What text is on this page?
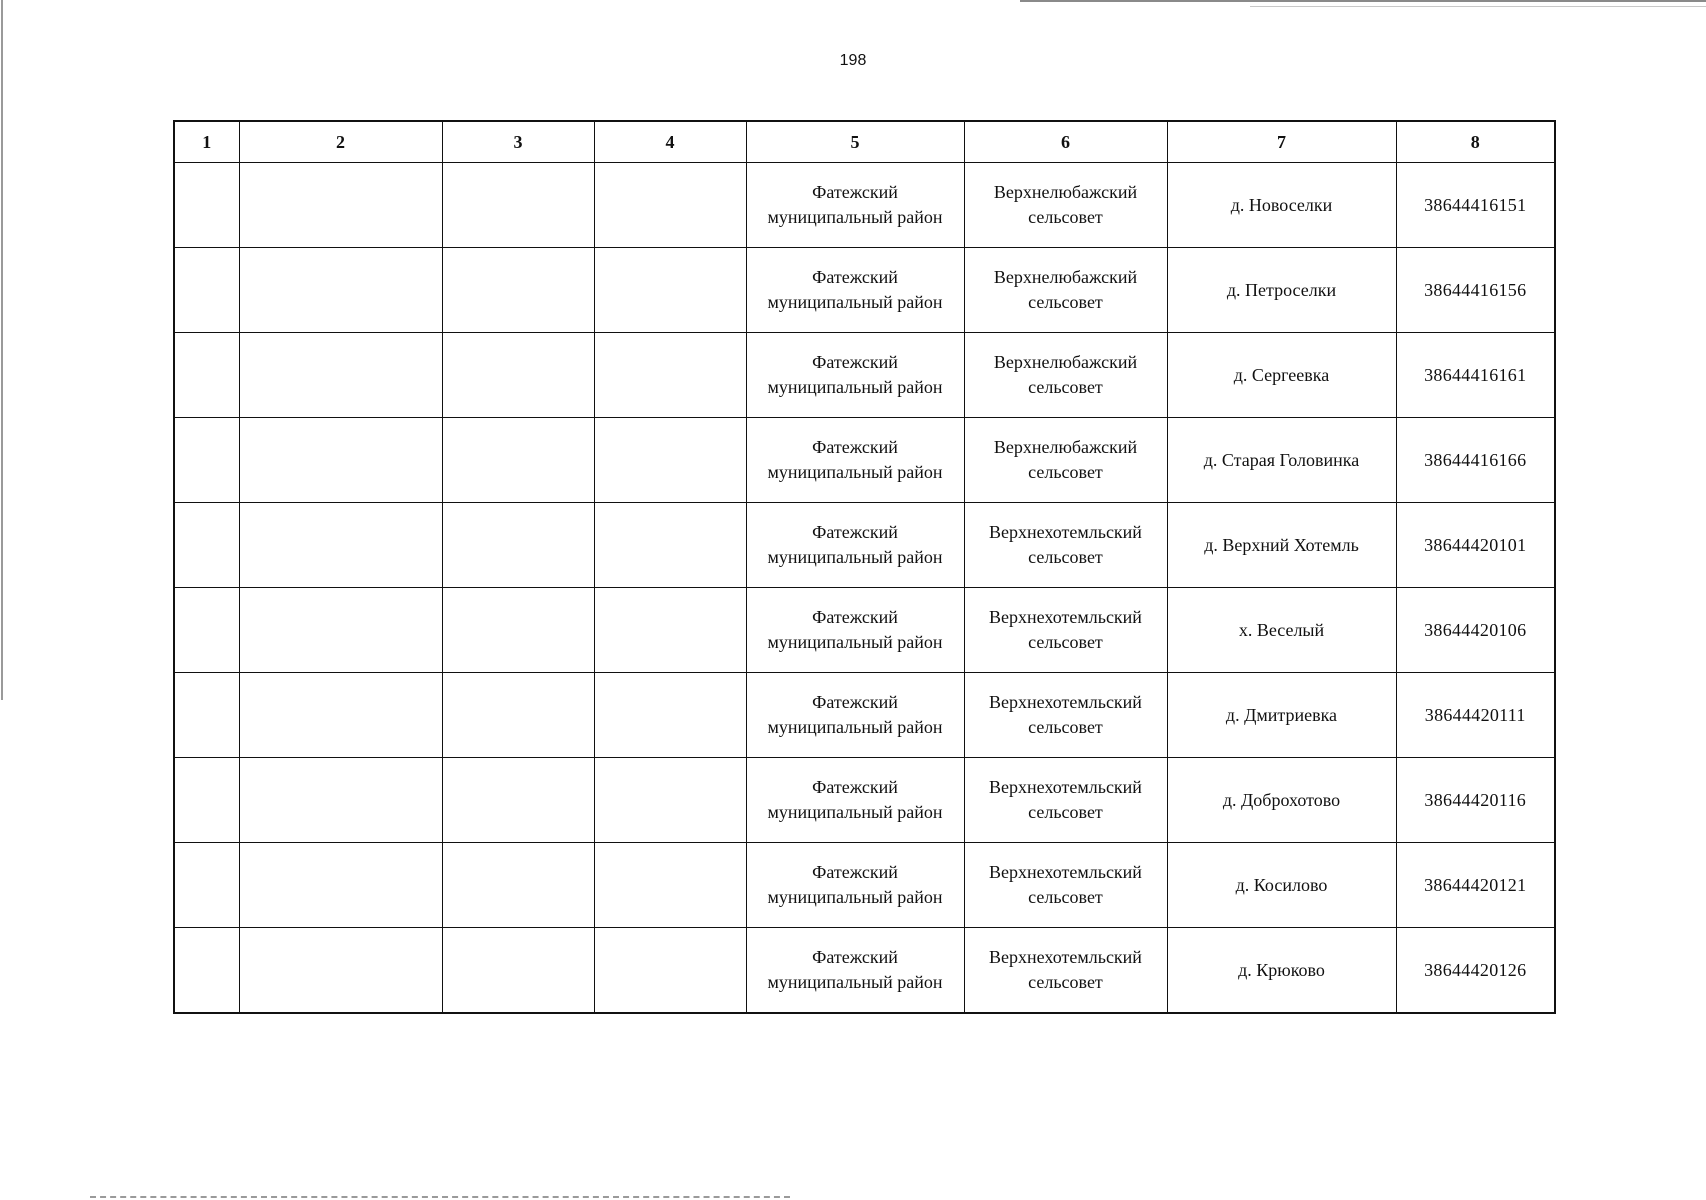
198
1	2	3	4	5	6	7	8
				Фатежский муниципальный район	Верхнелюбажский сельсовет	д. Новоселки	38644416151
				Фатежский муниципальный район	Верхнелюбажский сельсовет	д. Петроселки	38644416156
				Фатежский муниципальный район	Верхнелюбажский сельсовет	д. Сергеевка	38644416161
				Фатежский муниципальный район	Верхнелюбажский сельсовет	д. Старая Головинка	38644416166
				Фатежский муниципальный район	Верхнехотемльский сельсовет	д. Верхний Хотемль	38644420101
				Фатежский муниципальный район	Верхнехотемльский сельсовет	х. Веселый	38644420106
				Фатежский муниципальный район	Верхнехотемльский сельсовет	д. Дмитриевка	38644420111
				Фатежский муниципальный район	Верхнехотемльский сельсовет	д. Доброхотово	38644420116
				Фатежский муниципальный район	Верхнехотемльский сельсовет	д. Косилово	38644420121
				Фатежский муниципальный район	Верхнехотемльский сельсовет	д. Крюково	38644420126
